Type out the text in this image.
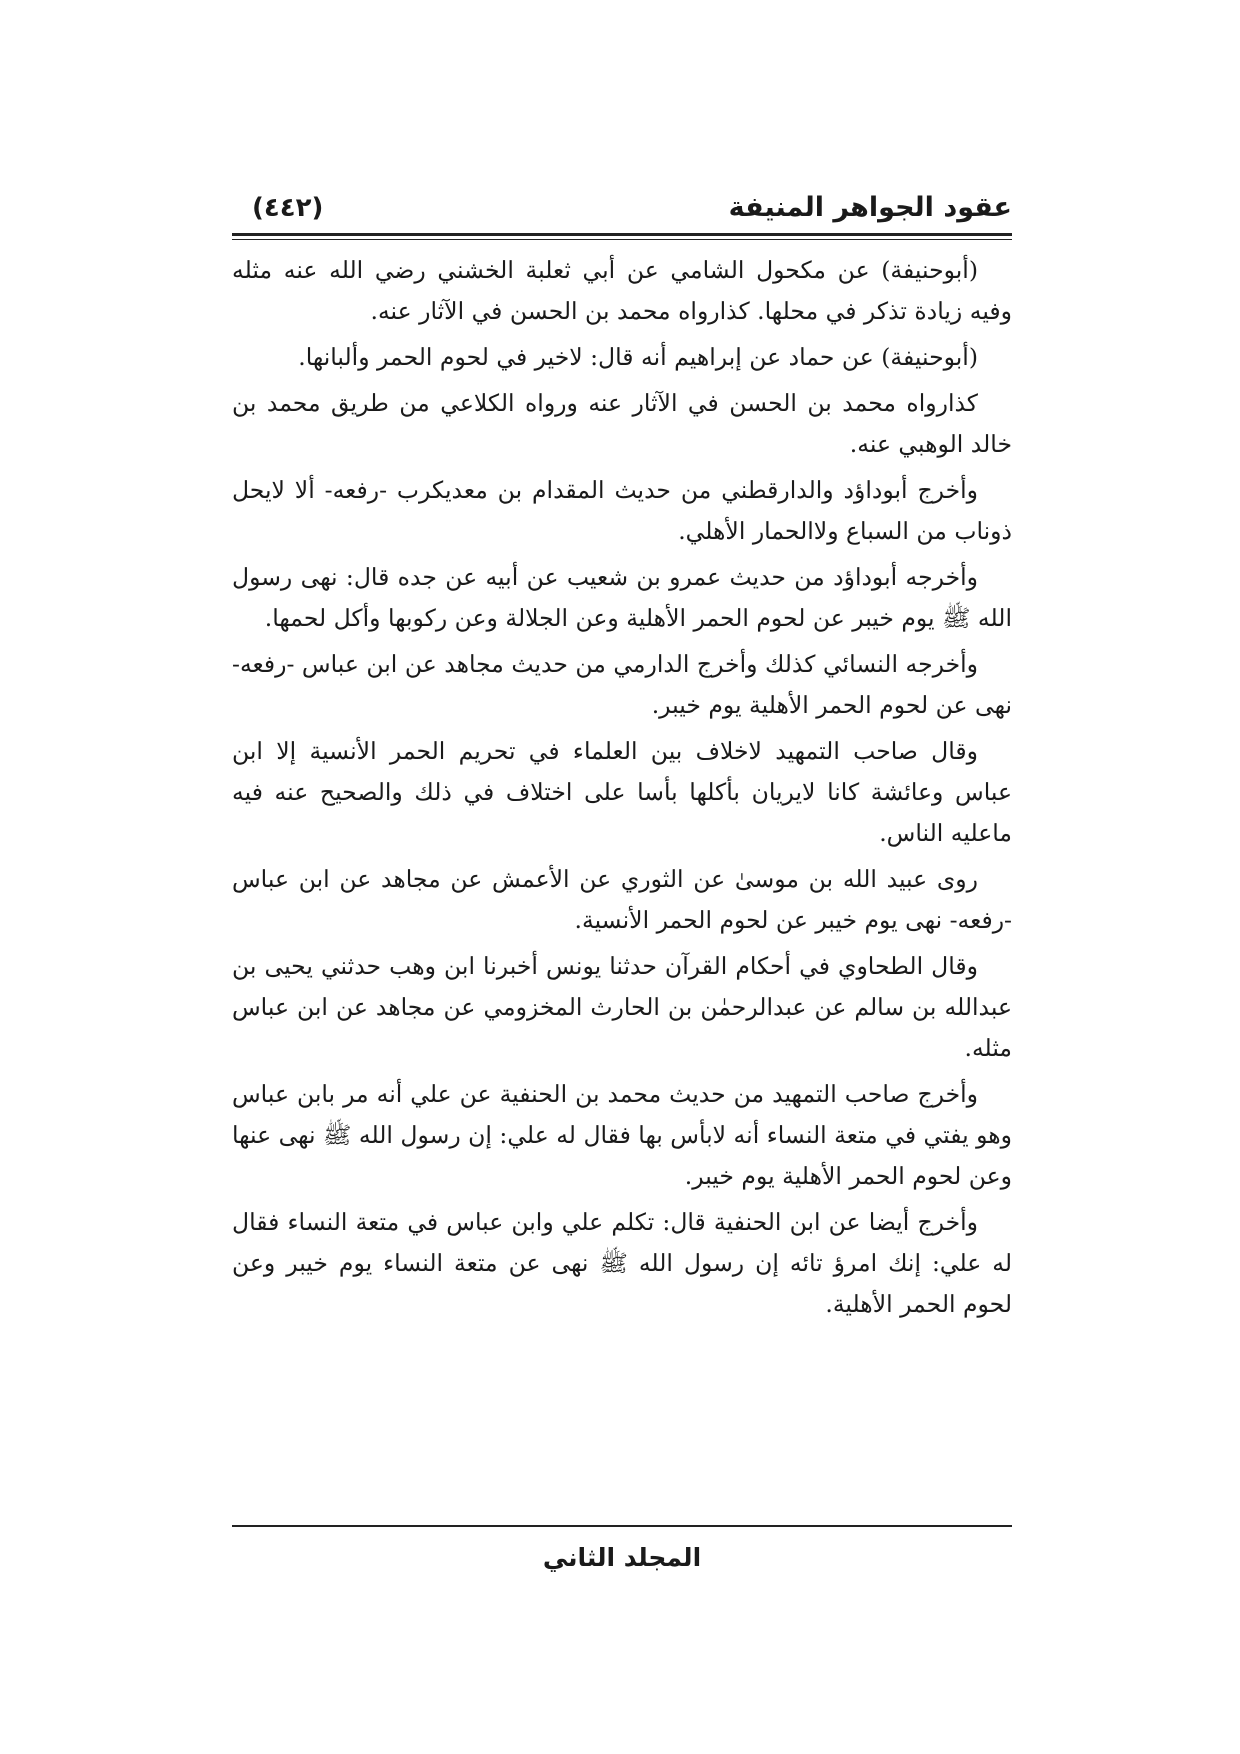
عقود الجواهر المنيفة
(٤٤٢)

(أبوحنيفة) عن مكحول الشامي عن أبي ثعلبة الخشني رضي الله عنه مثله وفيه زيادة تذكر في محلها. كذارواه محمد بن الحسن في الآثار عنه.

(أبوحنيفة) عن حماد عن إبراهيم أنه قال: لاخير في لحوم الحمر وألبانها.

كذارواه محمد بن الحسن في الآثار عنه ورواه الكلاعي من طريق محمد بن خالد الوهبي عنه.

وأخرج أبوداؤد والدارقطني من حديث المقدام بن معديكرب -رفعه- ألا لايحل ذوناب من السباع ولاالحمار الأهلي.

وأخرجه أبوداؤد من حديث عمرو بن شعيب عن أبيه عن جده قال: نهى رسول الله ﷺ يوم خيبر عن لحوم الحمر الأهلية وعن الجلالة وعن ركوبها وأكل لحمها.

وأخرجه النسائي كذلك وأخرج الدارمي من حديث مجاهد عن ابن عباس -رفعه- نهى عن لحوم الحمر الأهلية يوم خيبر.

وقال صاحب التمهيد لاخلاف بين العلماء في تحريم الحمر الأنسية إلا ابن عباس وعائشة كانا لايريان بأكلها بأسا على اختلاف في ذلك والصحيح عنه فيه ماعليه الناس.

روى عبيد الله بن موسىٰ عن الثوري عن الأعمش عن مجاهد عن ابن عباس -رفعه- نهى يوم خيبر عن لحوم الحمر الأنسية.

وقال الطحاوي في أحكام القرآن حدثنا يونس أخبرنا ابن وهب حدثني يحيى بن عبدالله بن سالم عن عبدالرحمٰن بن الحارث المخزومي عن مجاهد عن ابن عباس مثله.

وأخرج صاحب التمهيد من حديث محمد بن الحنفية عن علي أنه مر بابن عباس وهو يفتي في متعة النساء أنه لابأس بها فقال له علي: إن رسول الله ﷺ نهى عنها وعن لحوم الحمر الأهلية يوم خيبر.

وأخرج أيضا عن ابن الحنفية قال: تكلم علي وابن عباس في متعة النساء فقال له علي: إنك امرؤ تائه إن رسول الله ﷺ نهى عن متعة النساء يوم خيبر وعن لحوم الحمر الأهلية.

المجلد الثاني
